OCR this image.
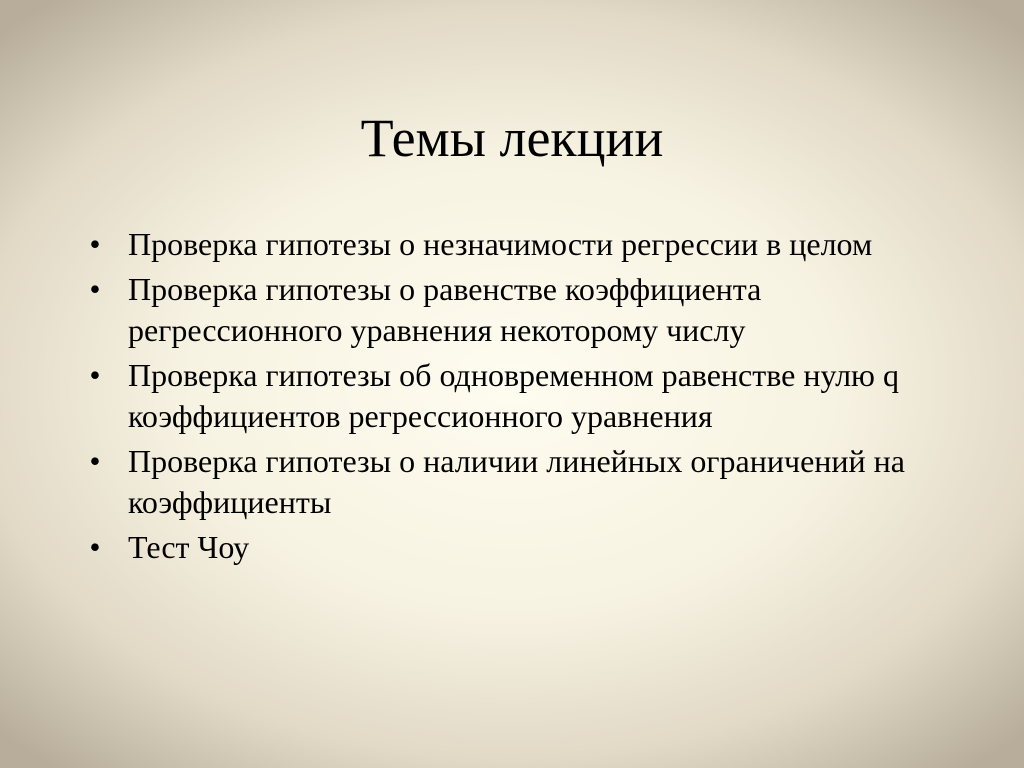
Темы лекции
• Проверка гипотезы о незначимости регрессии в целом
• Проверка гипотезы о равенстве коэффициента регрессионного уравнения некоторому числу
• Проверка гипотезы об одновременном равенстве нулю q коэффициентов регрессионного уравнения
• Проверка гипотезы о наличии линейных ограничений на коэффициенты
• Тест Чоу
